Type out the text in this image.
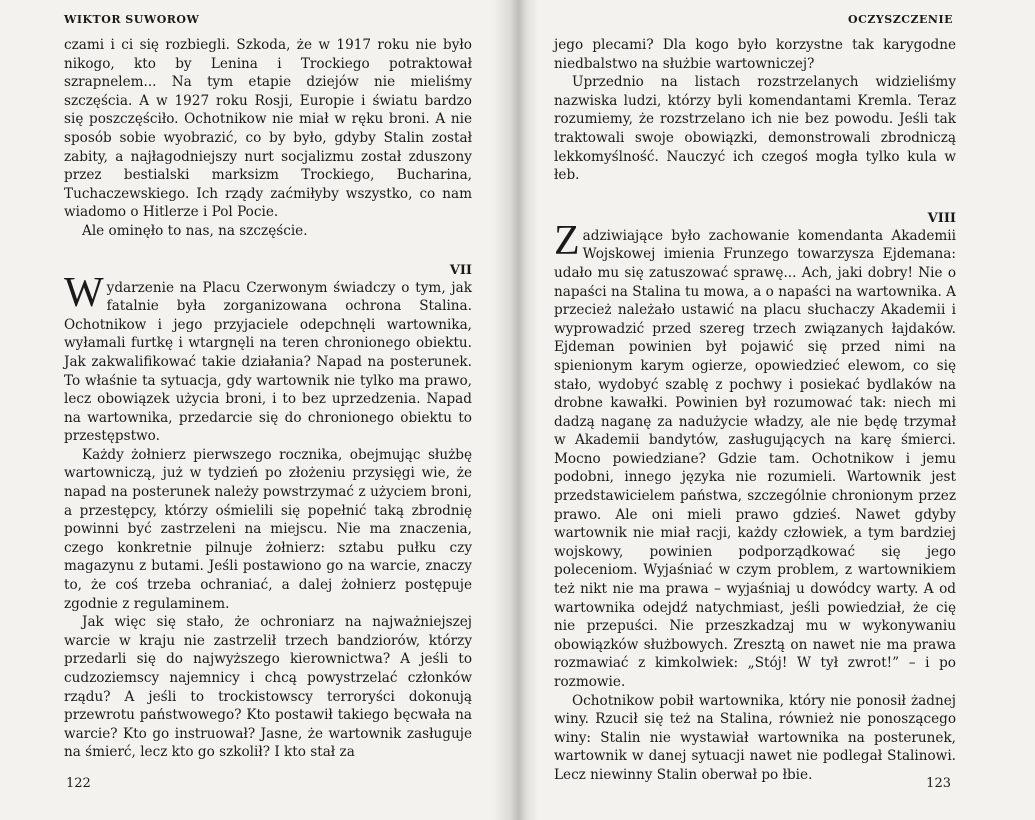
WIKTOR SUWOROW

czami i ci się rozbiegli. Szkoda, że w 1917 roku nie było nikogo, kto by Lenina i Trockiego potraktował szrapnelem... Na tym etapie dziejów nie mieliśmy szczęścia. A w 1927 roku Rosji, Europie i światu bardzo się poszczęściło. Ochotnikow nie miał w ręku broni. A nie sposób sobie wyobrazić, co by było, gdyby Stalin został zabity, a najłagodniejszy nurt socjalizmu został zduszony przez bestialski marksizm Trockiego, Bucharina, Tuchaczewskiego. Ich rządy zaćmiłyby wszystko, co nam wiadomo o Hitlerze i Pol Pocie.

Ale ominęło to nas, na szczęście.

VII

Wydarzenie na Placu Czerwonym świadczy o tym, jak fatalnie była zorganizowana ochrona Stalina. Ochotnikow i jego przyjaciele odepchnęli wartownika, wyłamali furtkę i wtargnęli na teren chronionego obiektu. Jak zakwalifikować takie działania? Napad na posterunek. To właśnie ta sytuacja, gdy wartownik nie tylko ma prawo, lecz obowiązek użycia broni, i to bez uprzedzenia. Napad na wartownika, przedarcie się do chronionego obiektu to przestępstwo.

Każdy żołnierz pierwszego rocznika, obejmując służbę wartowniczą, już w tydzień po złożeniu przysięgi wie, że napad na posterunek należy powstrzymać z użyciem broni, a przestępcy, którzy ośmielili się popełnić taką zbrodnię powinni być zastrzeleni na miejscu. Nie ma znaczenia, czego konkretnie pilnuje żołnierz: sztabu pułku czy magazynu z butami. Jeśli postawiono go na warcie, znaczy to, że coś trzeba ochraniać, a dalej żołnierz postępuje zgodnie z regulaminem.

Jak więc się stało, że ochroniarz na najważniejszej warcie w kraju nie zastrzelił trzech bandziorów, którzy przedarli się do najwyższego kierownictwa? A jeśli to cudzoziemscy najemnicy i chcą powystrzelać członków rządu? A jeśli to trockistowscy terroryści dokonują przewrotu państwowego? Kto postawił takiego bęcwała na warcie? Kto go instruował? Jasne, że wartownik zasługuje na śmierć, lecz kto go szkolił? I kto stał za

122
OCZYSZCZENIE

jego plecami? Dla kogo było korzystne tak karygodne niedbalstwo na służbie wartowniczej?

Uprzednio na listach rozstrzelanych widzieliśmy nazwiska ludzi, którzy byli komendantami Kremla. Teraz rozumiemy, że rozstrzelano ich nie bez powodu. Jeśli tak traktowali swoje obowiązki, demonstrowali zbrodniczą lekkomyślność. Nauczyć ich czegoś mogła tylko kula w łeb.

VIII

Zadziwiające było zachowanie komendanta Akademii Wojskowej imienia Frunzego towarzysza Ejdemana: udało mu się zatuszować sprawę... Ach, jaki dobry! Nie o napaści na Stalina tu mowa, a o napaści na wartownika. A przecież należało ustawić na placu słuchaczy Akademii i wyprowadzić przed szereg trzech związanych łajdaków. Ejdeman powinien był pojawić się przed nimi na spienionym karym ogierze, opowiedzieć elewom, co się stało, wydobyć szablę z pochwy i posiekać bydlaków na drobne kawałki. Powinien był rozumować tak: niech mi dadzą naganę za nadużycie władzy, ale nie będę trzymał w Akademii bandytów, zasługujących na karę śmierci. Mocno powiedziane? Gdzie tam. Ochotnikow i jemu podobni, innego języka nie rozumieli. Wartownik jest przedstawicielem państwa, szczególnie chronionym przez prawo. Ale oni mieli prawo gdzieś. Nawet gdyby wartownik nie miał racji, każdy człowiek, a tym bardziej wojskowy, powinien podporządkować się jego poleceniom. Wyjaśniać w czym problem, z wartownikiem też nikt nie ma prawa – wyjaśniaj u dowódcy warty. A od wartownika odejdź natychmiast, jeśli powiedział, że cię nie przepuści. Nie przeszkadzaj mu w wykonywaniu obowiązków służbowych. Zresztą on nawet nie ma prawa rozmawiać z kimkolwiek: „Stój! W tył zwrot!” – i po rozmowie.

Ochotnikow pobił wartownika, który nie ponosił żadnej winy. Rzucił się też na Stalina, również nie ponoszącego winy: Stalin nie wystawiał wartownika na posterunek, wartownik w danej sytuacji nawet nie podlegał Stalinowi. Lecz niewinny Stalin oberwał po łbie.

123
